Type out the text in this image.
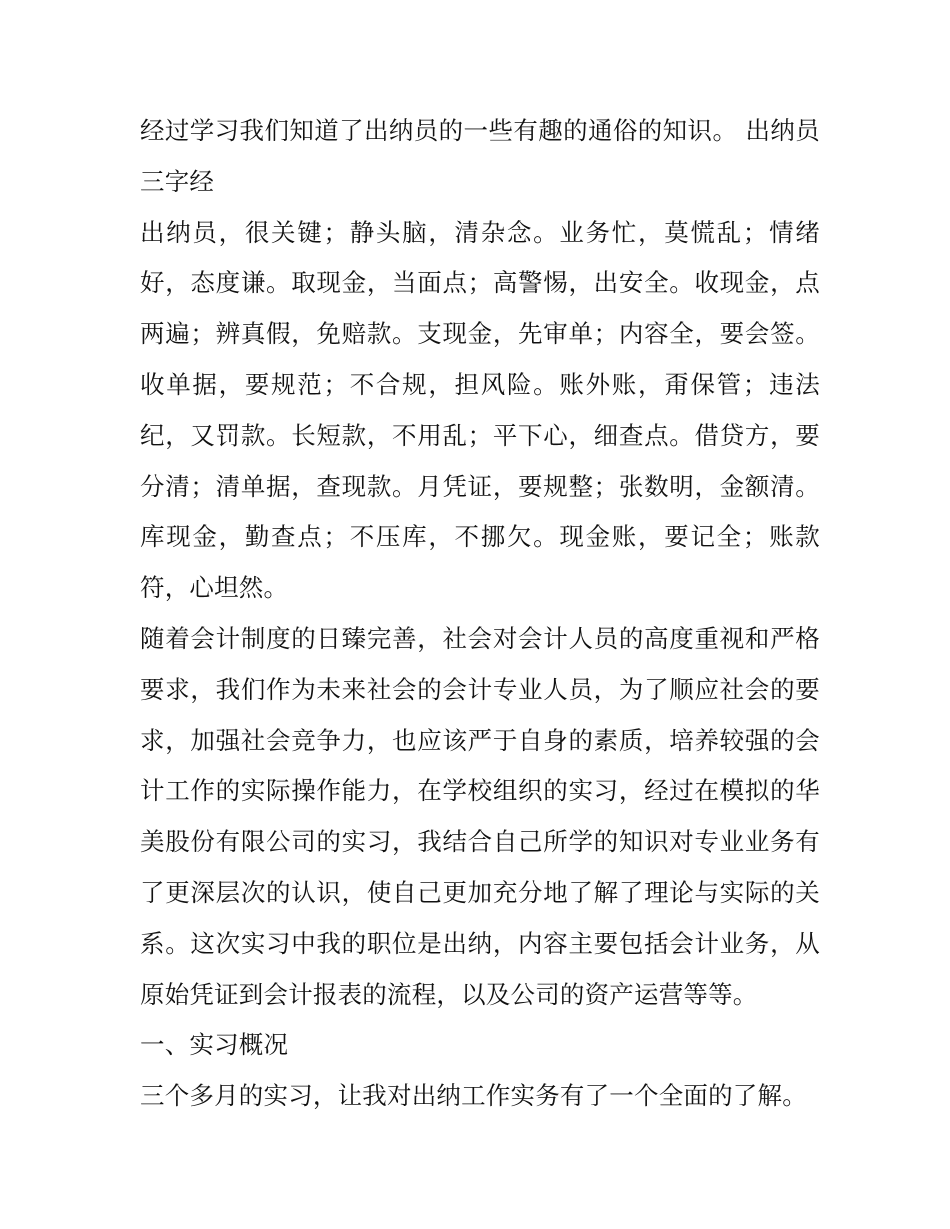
经过学习我们知道了出纳员的一些有趣的通俗的知识。 出纳员三字经

出纳员，很关键；静头脑，清杂念。业务忙，莫慌乱；情绪好，态度谦。取现金，当面点；高警惕，出安全。收现金，点两遍；辨真假，免赔款。支现金，先审单；内容全，要会签。收单据，要规范；不合规，担风险。账外账，甭保管；违法纪，又罚款。长短款，不用乱；平下心，细查点。借贷方，要分清；清单据，查现款。月凭证，要规整；张数明，金额清。库现金，勤查点；不压库，不挪欠。现金账，要记全；账款符，心坦然。

随着会计制度的日臻完善，社会对会计人员的高度重视和严格要求，我们作为未来社会的会计专业人员，为了顺应社会的要求，加强社会竞争力，也应该严于自身的素质，培养较强的会计工作的实际操作能力，在学校组织的实习，经过在模拟的华美股份有限公司的实习，我结合自己所学的知识对专业业务有了更深层次的认识，使自己更加充分地了解了理论与实际的关系。这次实习中我的职位是出纳，内容主要包括会计业务，从原始凭证到会计报表的流程，以及公司的资产运营等等。

一、实习概况

三个多月的实习，让我对出纳工作实务有了一个全面的了解。
